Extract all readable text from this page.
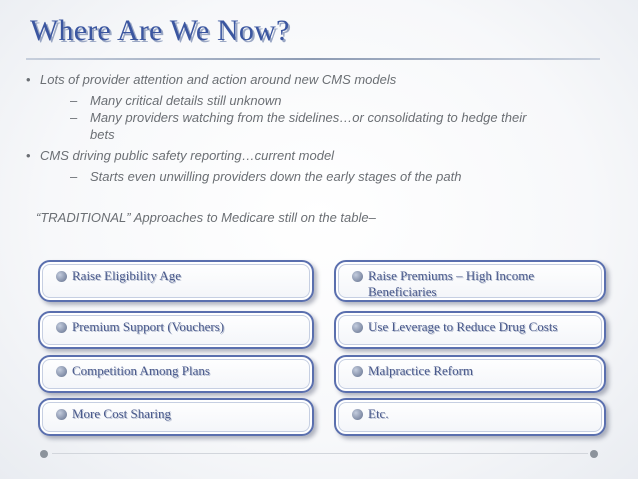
Where Are We Now?
• Lots of provider attention and action around new CMS models
– Many critical details still unknown
– Many providers watching from the sidelines…or consolidating to hedge their bets
• CMS driving public safety reporting…current model
– Starts even unwilling providers down the early stages of the path
“TRADITIONAL” Approaches to Medicare still on the table–
Raise Eligibility Age
Premium Support (Vouchers)
Competition Among Plans
More Cost Sharing
Raise Premiums – High Income Beneficiaries
Use Leverage to Reduce Drug Costs
Malpractice Reform
Etc.
